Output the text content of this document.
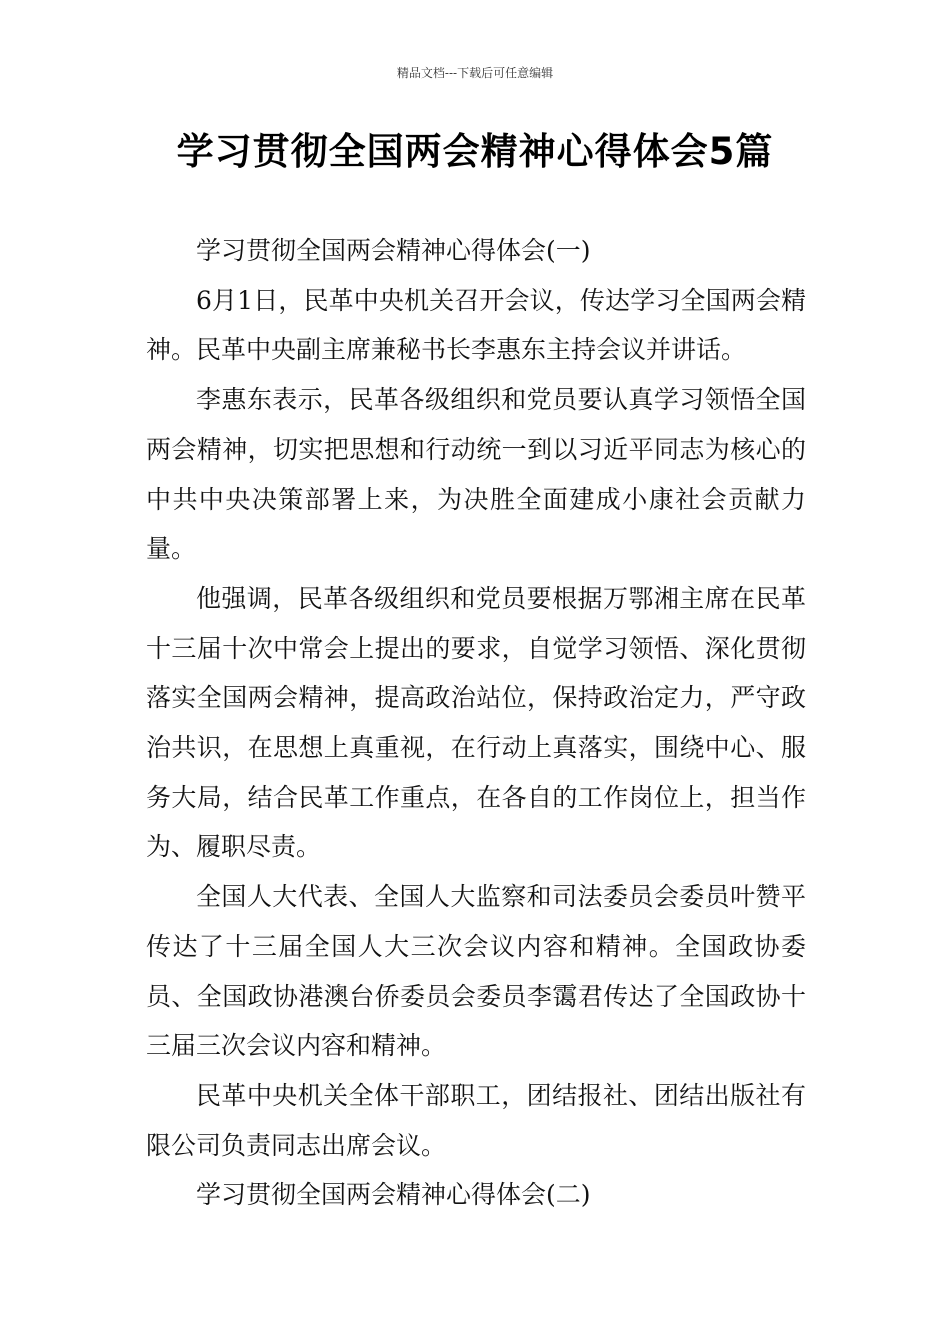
精品文档---下载后可任意编辑
学习贯彻全国两会精神心得体会5篇

学习贯彻全国两会精神心得体会(一)

6月1日，民革中央机关召开会议，传达学习全国两会精神。民革中央副主席兼秘书长李惠东主持会议并讲话。

李惠东表示，民革各级组织和党员要认真学习领悟全国两会精神，切实把思想和行动统一到以习近平同志为核心的中共中央决策部署上来，为决胜全面建成小康社会贡献力量。

他强调，民革各级组织和党员要根据万鄂湘主席在民革十三届十次中常会上提出的要求，自觉学习领悟、深化贯彻落实全国两会精神，提高政治站位，保持政治定力，严守政治共识，在思想上真重视，在行动上真落实，围绕中心、服务大局，结合民革工作重点，在各自的工作岗位上，担当作为、履职尽责。

全国人大代表、全国人大监察和司法委员会委员叶赞平传达了十三届全国人大三次会议内容和精神。全国政协委员、全国政协港澳台侨委员会委员李霭君传达了全国政协十三届三次会议内容和精神。

民革中央机关全体干部职工，团结报社、团结出版社有限公司负责同志出席会议。

学习贯彻全国两会精神心得体会(二)
